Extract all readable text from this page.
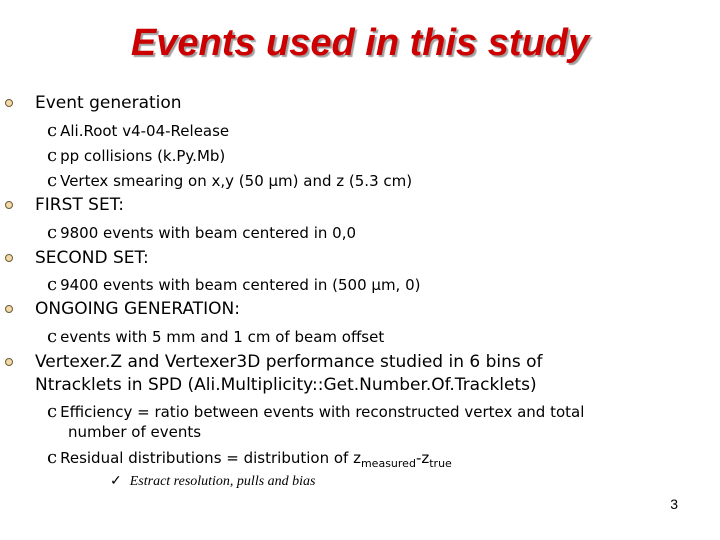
Events used in this study
Event generation
c Ali.Root v4-04-Release
c pp collisions (k.Py.Mb)
c Vertex smearing on x,y (50 µm) and z (5.3 cm)
FIRST SET:
c 9800 events with beam centered in 0,0
SECOND SET:
c 9400 events with beam centered in (500 µm, 0)
ONGOING GENERATION:
c events with 5 mm and 1 cm of beam offset
Vertexer.Z and Vertexer3D performance studied in 6 bins of
Ntracklets in SPD (Ali.Multiplicity::Get.Number.Of.Tracklets)
c Efficiency = ratio between events with reconstructed vertex and total
number of events
c Residual distributions = distribution of $z_{measured}-z_{true}$
✓ Estract resolution, pulls and bias
3
